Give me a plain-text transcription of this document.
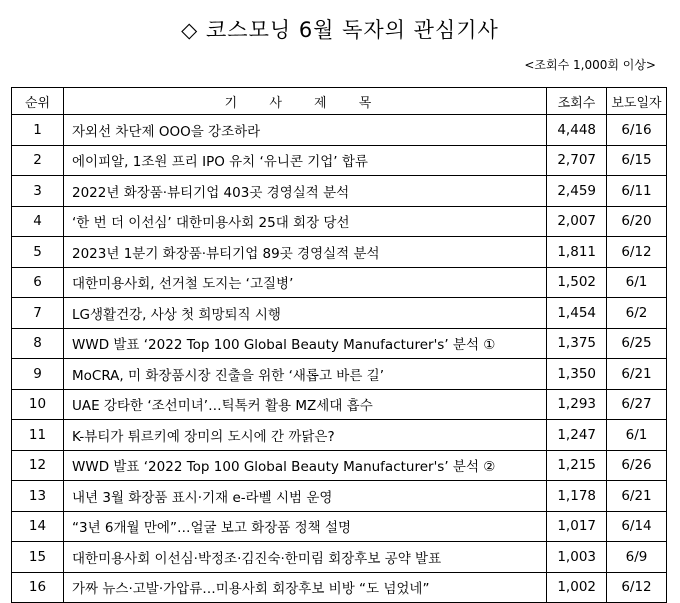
◇ 코스모닝 6월 독자의 관심기사
<조회수 1,000회 이상>
순위	기 사 제 목	조회수	보도일자
1	자외선 차단제 OOO을 강조하라	4,448	6/16
2	에이피알, 1조원 프리 IPO 유치 ‘유니콘 기업’ 합류	2,707	6/15
3	2022년 화장품·뷰티기업 403곳 경영실적 분석	2,459	6/11
4	‘한 번 더 이선심’ 대한미용사회 25대 회장 당선	2,007	6/20
5	2023년 1분기 화장품·뷰티기업 89곳 경영실적 분석	1,811	6/12
6	대한미용사회, 선거철 도지는 ‘고질병’	1,502	6/1
7	LG생활건강, 사상 첫 희망퇴직 시행	1,454	6/2
8	WWD 발표 ‘2022 Top 100 Global Beauty Manufacturer's’ 분석 ①	1,375	6/25
9	MoCRA, 미 화장품시장 진출을 위한 ‘새롭고 바른 길’	1,350	6/21
10	UAE 강타한 ‘조선미녀’…틱톡커 활용 MZ세대 흡수	1,293	6/27
11	K-뷰티가 튀르키예 장미의 도시에 간 까닭은?	1,247	6/1
12	WWD 발표 ‘2022 Top 100 Global Beauty Manufacturer's’ 분석 ②	1,215	6/26
13	내년 3월 화장품 표시·기재 e-라벨 시범 운영	1,178	6/21
14	“3년 6개월 만에”…얼굴 보고 화장품 정책 설명	1,017	6/14
15	대한미용사회 이선심·박정조·김진숙·한미림 회장후보 공약 발표	1,003	6/9
16	가짜 뉴스·고발·가압류…미용사회 회장후보 비방 “도 넘었네”	1,002	6/12
